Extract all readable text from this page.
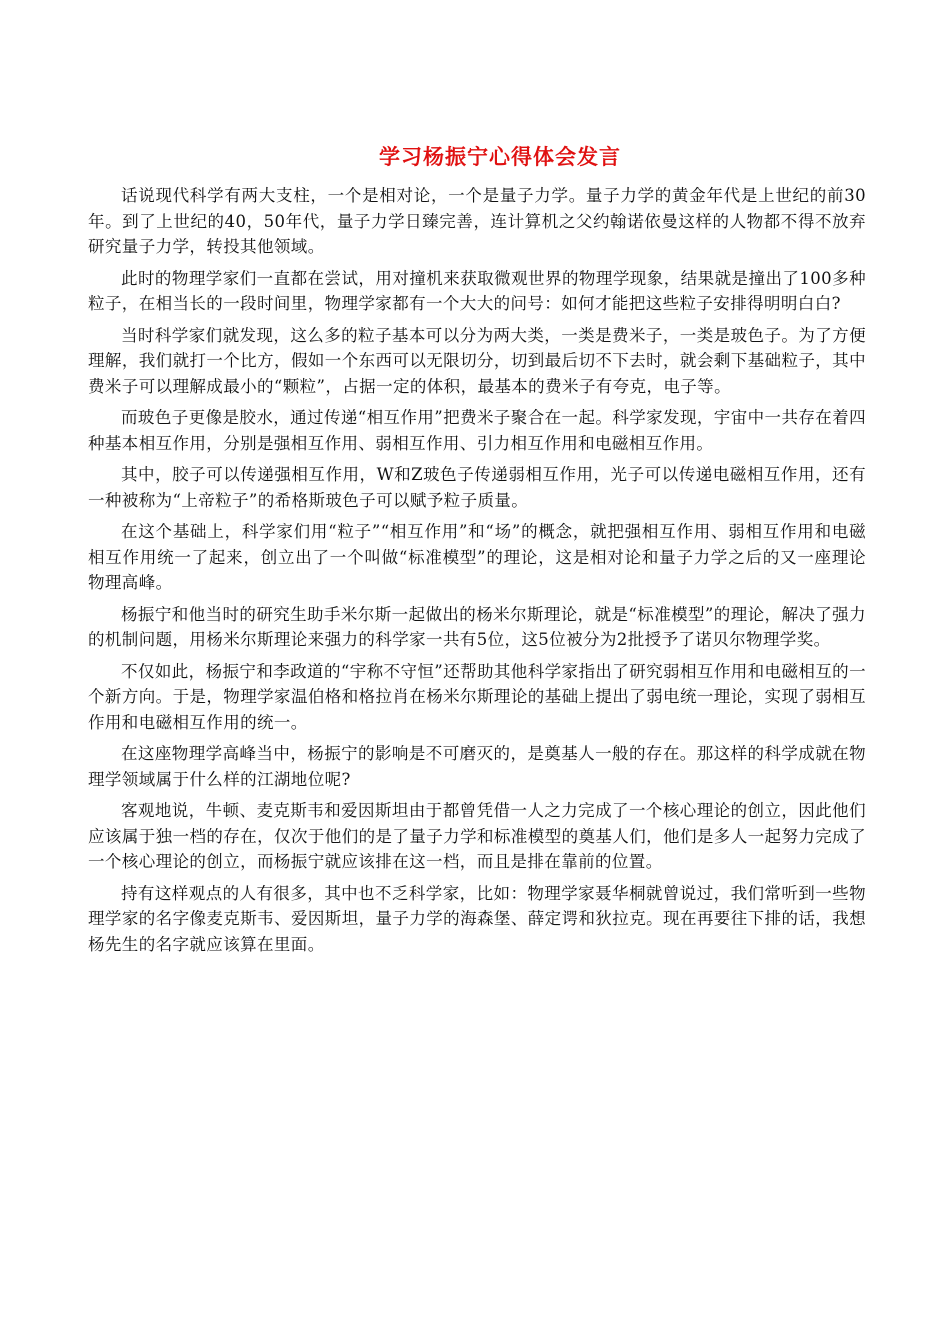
学习杨振宁心得体会发言

话说现代科学有两大支柱，一个是相对论，一个是量子力学。量子力学的黄金年代是上世纪的前30年。到了上世纪的40，50年代，量子力学日臻完善，连计算机之父约翰诺依曼这样的人物都不得不放弃研究量子力学，转投其他领域。

此时的物理学家们一直都在尝试，用对撞机来获取微观世界的物理学现象，结果就是撞出了100多种粒子，在相当长的一段时间里，物理学家都有一个大大的问号：如何才能把这些粒子安排得明明白白?

当时科学家们就发现，这么多的粒子基本可以分为两大类，一类是费米子，一类是玻色子。为了方便理解，我们就打一个比方，假如一个东西可以无限切分，切到最后切不下去时，就会剩下基础粒子，其中费米子可以理解成最小的“颗粒”，占据一定的体积，最基本的费米子有夸克，电子等。

而玻色子更像是胶水，通过传递“相互作用”把费米子聚合在一起。科学家发现，宇宙中一共存在着四种基本相互作用，分别是强相互作用、弱相互作用、引力相互作用和电磁相互作用。

其中，胶子可以传递强相互作用，W和Z玻色子传递弱相互作用，光子可以传递电磁相互作用，还有一种被称为“上帝粒子”的希格斯玻色子可以赋予粒子质量。

在这个基础上，科学家们用“粒子”“相互作用”和“场”的概念，就把强相互作用、弱相互作用和电磁相互作用统一了起来，创立出了一个叫做“标准模型”的理论，这是相对论和量子力学之后的又一座理论物理高峰。

杨振宁和他当时的研究生助手米尔斯一起做出的杨米尔斯理论，就是“标准模型”的理论，解决了强力的机制问题，用杨米尔斯理论来强力的科学家一共有5位，这5位被分为2批授予了诺贝尔物理学奖。

不仅如此，杨振宁和李政道的“宇称不守恒”还帮助其他科学家指出了研究弱相互作用和电磁相互的一个新方向。于是，物理学家温伯格和格拉肖在杨米尔斯理论的基础上提出了弱电统一理论，实现了弱相互作用和电磁相互作用的统一。

在这座物理学高峰当中，杨振宁的影响是不可磨灭的，是奠基人一般的存在。那这样的科学成就在物理学领域属于什么样的江湖地位呢?

客观地说，牛顿、麦克斯韦和爱因斯坦由于都曾凭借一人之力完成了一个核心理论的创立，因此他们应该属于独一档的存在，仅次于他们的是了量子力学和标准模型的奠基人们，他们是多人一起努力完成了一个核心理论的创立，而杨振宁就应该排在这一档，而且是排在靠前的位置。

持有这样观点的人有很多，其中也不乏科学家，比如：物理学家聂华桐就曾说过，我们常听到一些物理学家的名字像麦克斯韦、爱因斯坦，量子力学的海森堡、薛定谔和狄拉克。现在再要往下排的话，我想杨先生的名字就应该算在里面。
